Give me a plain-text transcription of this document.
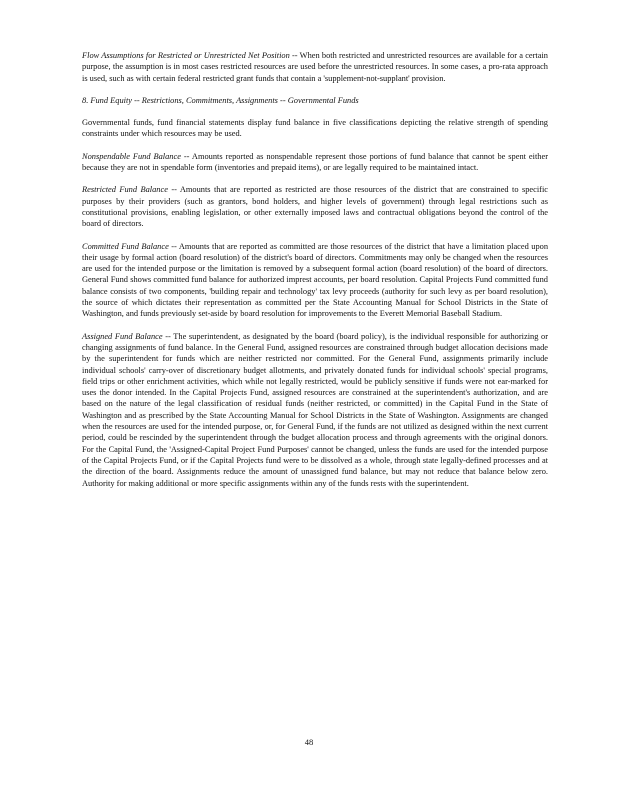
Flow Assumptions for Restricted or Unrestricted Net Position -- When both restricted and unrestricted resources are available for a certain purpose, the assumption is in most cases restricted resources are used before the unrestricted resources. In some cases, a pro-rata approach is used, such as with certain federal restricted grant funds that contain a 'supplement-not-supplant' provision.

8. Fund Equity -- Restrictions, Commitments, Assignments -- Governmental Funds

Governmental funds, fund financial statements display fund balance in five classifications depicting the relative strength of spending constraints under which resources may be used.

Nonspendable Fund Balance -- Amounts reported as nonspendable represent those portions of fund balance that cannot be spent either because they are not in spendable form (inventories and prepaid items), or are legally required to be maintained intact.

Restricted Fund Balance -- Amounts that are reported as restricted are those resources of the district that are constrained to specific purposes by their providers (such as grantors, bond holders, and higher levels of government) through legal restrictions such as constitutional provisions, enabling legislation, or other externally imposed laws and contractual obligations beyond the control of the board of directors.

Committed Fund Balance -- Amounts that are reported as committed are those resources of the district that have a limitation placed upon their usage by formal action (board resolution) of the district's board of directors. Commitments may only be changed when the resources are used for the intended purpose or the limitation is removed by a subsequent formal action (board resolution) of the board of directors. General Fund shows committed fund balance for authorized imprest accounts, per board resolution. Capital Projects Fund committed fund balance consists of two components, 'building repair and technology' tax levy proceeds (authority for such levy as per board resolution), the source of which dictates their representation as committed per the State Accounting Manual for School Districts in the State of Washington, and funds previously set-aside by board resolution for improvements to the Everett Memorial Baseball Stadium.

Assigned Fund Balance -- The superintendent, as designated by the board (board policy), is the individual responsible for authorizing or changing assignments of fund balance. In the General Fund, assigned resources are constrained through budget allocation decisions made by the superintendent for funds which are neither restricted nor committed. For the General Fund, assignments primarily include individual schools' carry-over of discretionary budget allotments, and privately donated funds for individual schools' special programs, field trips or other enrichment activities, which while not legally restricted, would be publicly sensitive if funds were not ear-marked for uses the donor intended. In the Capital Projects Fund, assigned resources are constrained at the superintendent's authorization, and are based on the nature of the legal classification of residual funds (neither restricted, or committed) in the Capital Fund in the State of Washington and as prescribed by the State Accounting Manual for School Districts in the State of Washington. Assignments are changed when the resources are used for the intended purpose, or, for General Fund, if the funds are not utilized as designed within the next current period, could be rescinded by the superintendent through the budget allocation process and through agreements with the original donors. For the Capital Fund, the 'Assigned-Capital Project Fund Purposes' cannot be changed, unless the funds are used for the intended purpose of the Capital Projects Fund, or if the Capital Projects fund were to be dissolved as a whole, through state legally-defined processes and at the direction of the board. Assignments reduce the amount of unassigned fund balance, but may not reduce that balance below zero. Authority for making additional or more specific assignments within any of the funds rests with the superintendent.

48
